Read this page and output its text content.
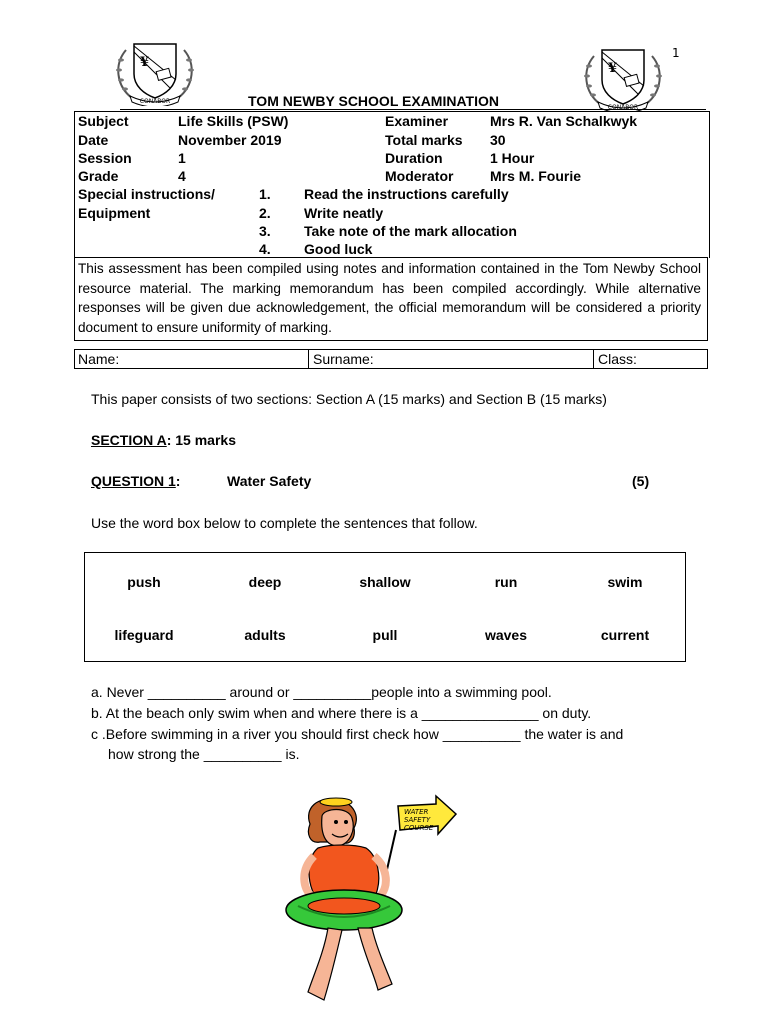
1
¥
CONABOR
¥
CONABOR
TOM NEWBY SCHOOL EXAMINATION
Subject	Life Skills (PSW)	Examiner	Mrs R. Van Schalkwyk
Date	November 2019	Total marks 30
Session	1	Duration	1 Hour
Grade	4	Moderator	Mrs M. Fourie
Special instructions/
Equipment
1. Read the instructions carefully
2. Write neatly
3. Take note of the mark allocation
4. Good luck
This assessment has been compiled using notes and information contained in the Tom Newby School resource material. The marking memorandum has been compiled accordingly. While alternative responses will be given due acknowledgement, the official memorandum will be considered a priority document to ensure uniformity of marking.
Name:	Surname:	Class:
This paper consists of two sections: Section A (15 marks) and Section B (15 marks)
SECTION A: 15 marks
QUESTION 1:	Water Safety	(5)
Use the word box below to complete the sentences that follow.
push	deep	shallow	run	swim
lifeguard	adults	pull	waves	current
a. Never __________ around or __________people into a swimming pool.
b. At the beach only swim when and where there is a _______________ on duty.
c .Before swimming in a river you should first check how __________ the water is and
how strong the __________ is.
WATER
SAFETY
COURSE
